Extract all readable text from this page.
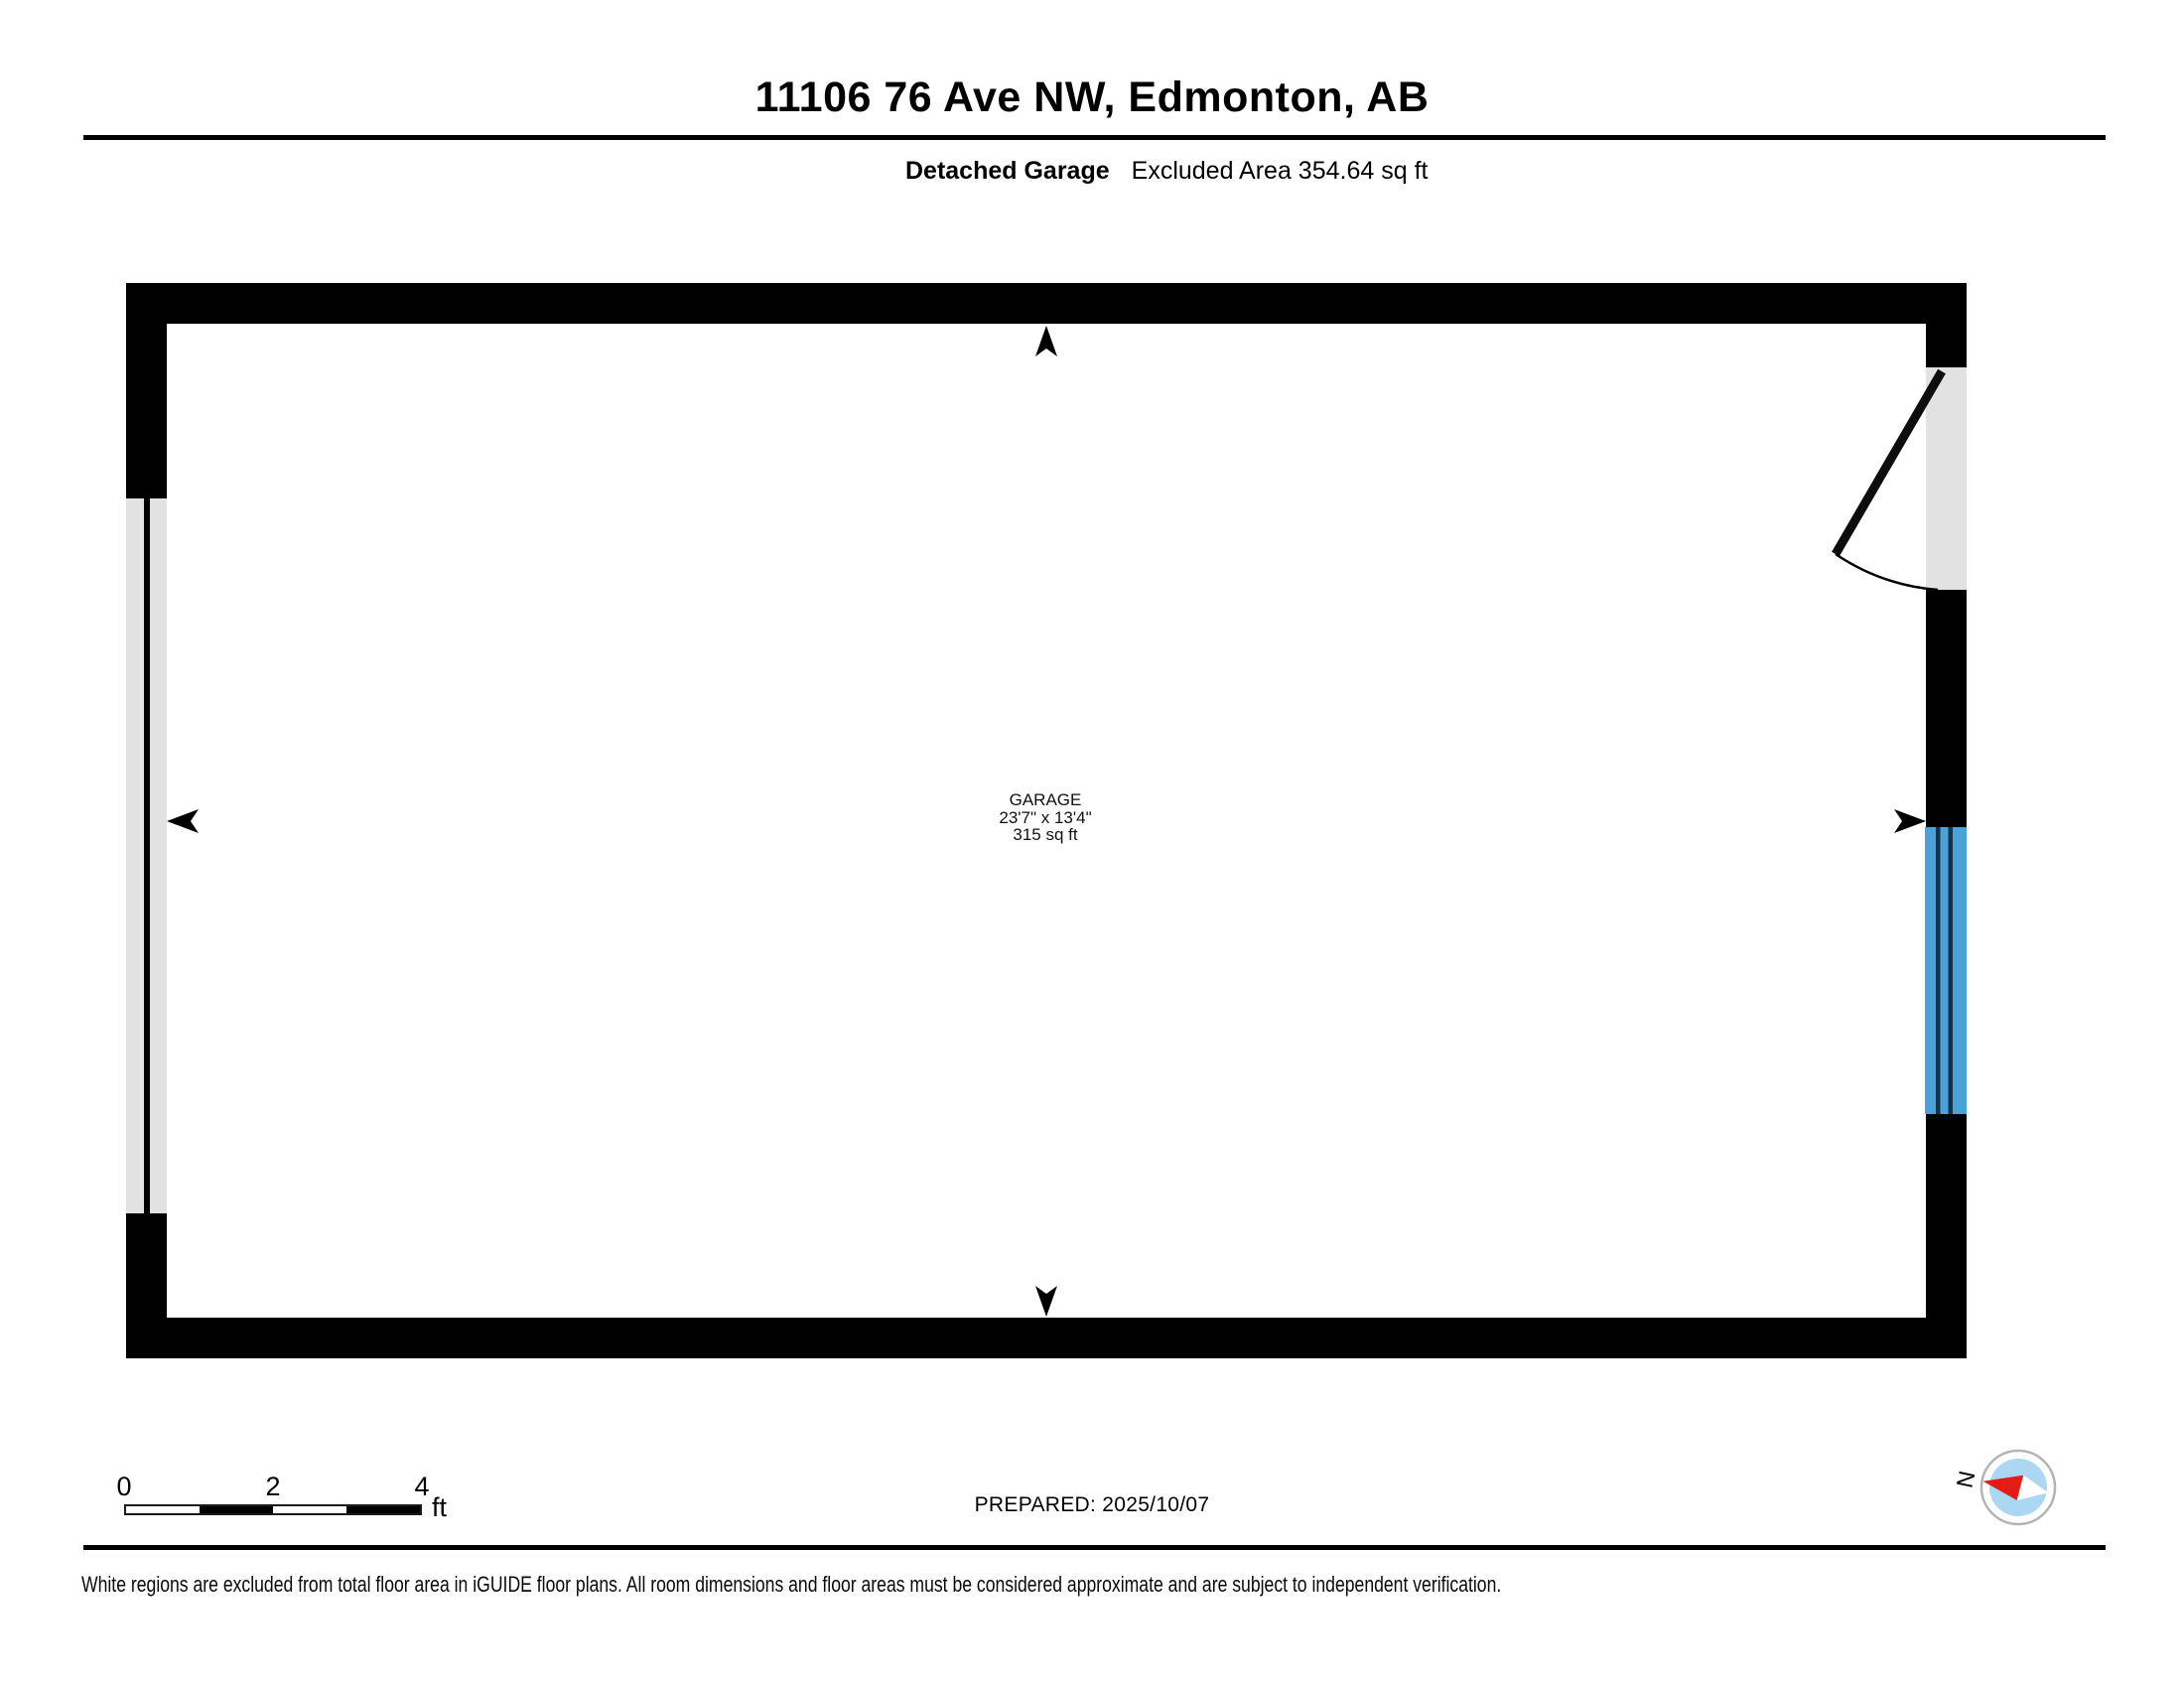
11106 76 Ave NW, Edmonton, AB
Detached Garage Excluded Area 354.64 sq ft
N
GARAGE
23'7" x 13'4"
315 sq ft
0	2	4
ft	PREPARED: 2025/10/07
White regions are excluded from total floor area in iGUIDE floor plans. All room dimensions and floor areas must be considered approximate and are subject to independent verification.
